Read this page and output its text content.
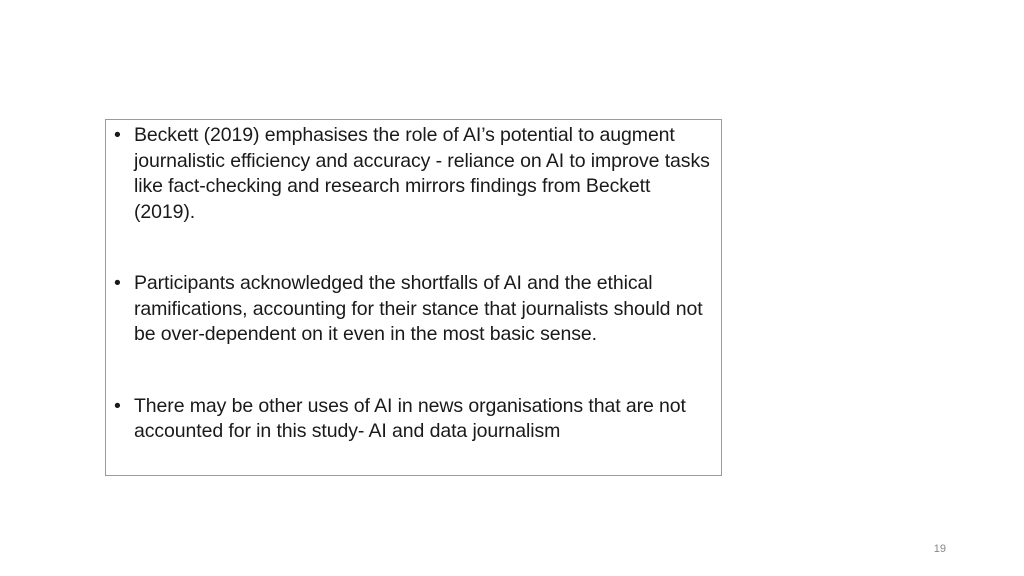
• Beckett (2019) emphasises the role of AI’s potential to augment journalistic efficiency and accuracy - reliance on AI to improve tasks like fact-checking and research mirrors findings from Beckett (2019).
• Participants acknowledged the shortfalls of AI and the ethical ramifications, accounting for their stance that journalists should not be over-dependent on it even in the most basic sense.
• There may be other uses of AI in news organisations that are not accounted for in this study- AI and data journalism
19
